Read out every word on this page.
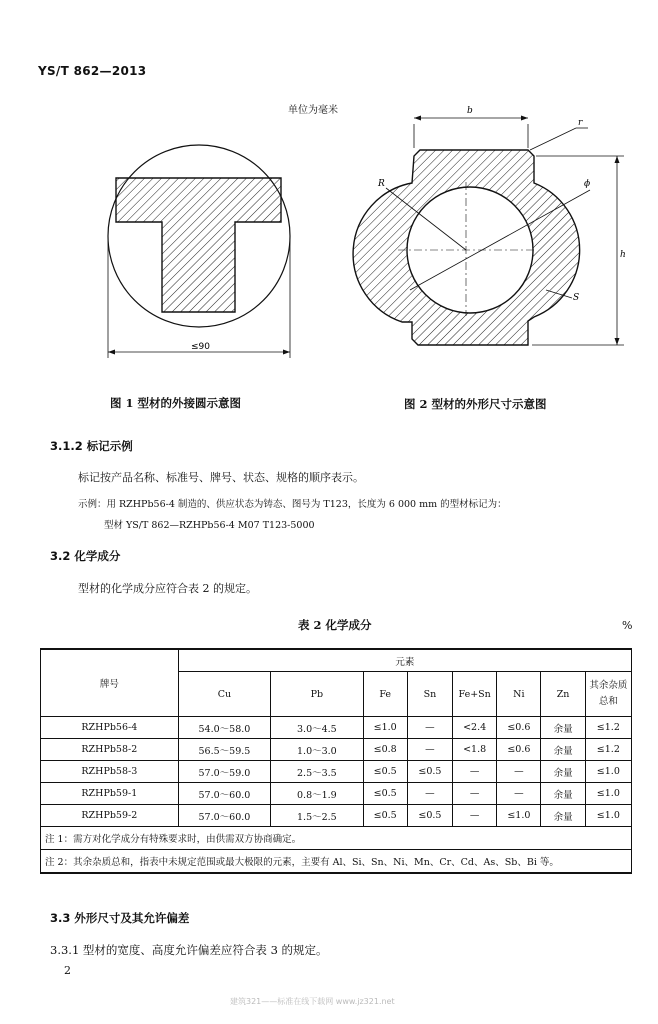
YS/T 862—2013
单位为毫米
≤90
b
r
R	ϕ
h
S
图 1 型材的外接圆示意图	图 2 型材的外形尺寸示意图
3.1.2 标记示例
标记按产品名称、标准号、牌号、状态、规格的顺序表示。
示例：用 RZHPb56-4 制造的、供应状态为铸态、图号为 T123，长度为 6 000 mm 的型材标记为：
型材 YS/T 862—RZHPb56-4 M07 T123-5000
3.2 化学成分
型材的化学成分应符合表 2 的规定。
表 2 化学成分	%
牌号	元素							
	Cu	Pb	Fe	Sn	Fe+Sn	Ni	Zn	其余杂质总和
RZHPb56-4	54.0～58.0	3.0～4.5	≤1.0	—	<2.4	≤0.6	余量	≤1.2
RZHPb58-2	56.5～59.5	1.0～3.0	≤0.8	—	<1.8	≤0.6	余量	≤1.2
RZHPb58-3	57.0～59.0	2.5～3.5	≤0.5	≤0.5	—	—	余量	≤1.0
RZHPb59-1	57.0～60.0	0.8～1.9	≤0.5	—	—	—	余量	≤1.0
RZHPb59-2	57.0～60.0	1.5～2.5	≤0.5	≤0.5	—	≤1.0	余量	≤1.0
注 1：需方对化学成分有特殊要求时，由供需双方协商确定。								
注 2：其余杂质总和，指表中未规定范围或最大极限的元素，主要有 Al、Si、Sn、Ni、Mn、Cr、Cd、As、Sb、Bi 等。								
3.3 外形尺寸及其允许偏差
3.3.1 型材的宽度、高度允许偏差应符合表 3 的规定。
2
建筑321——标准在线下载网 www.jz321.net
